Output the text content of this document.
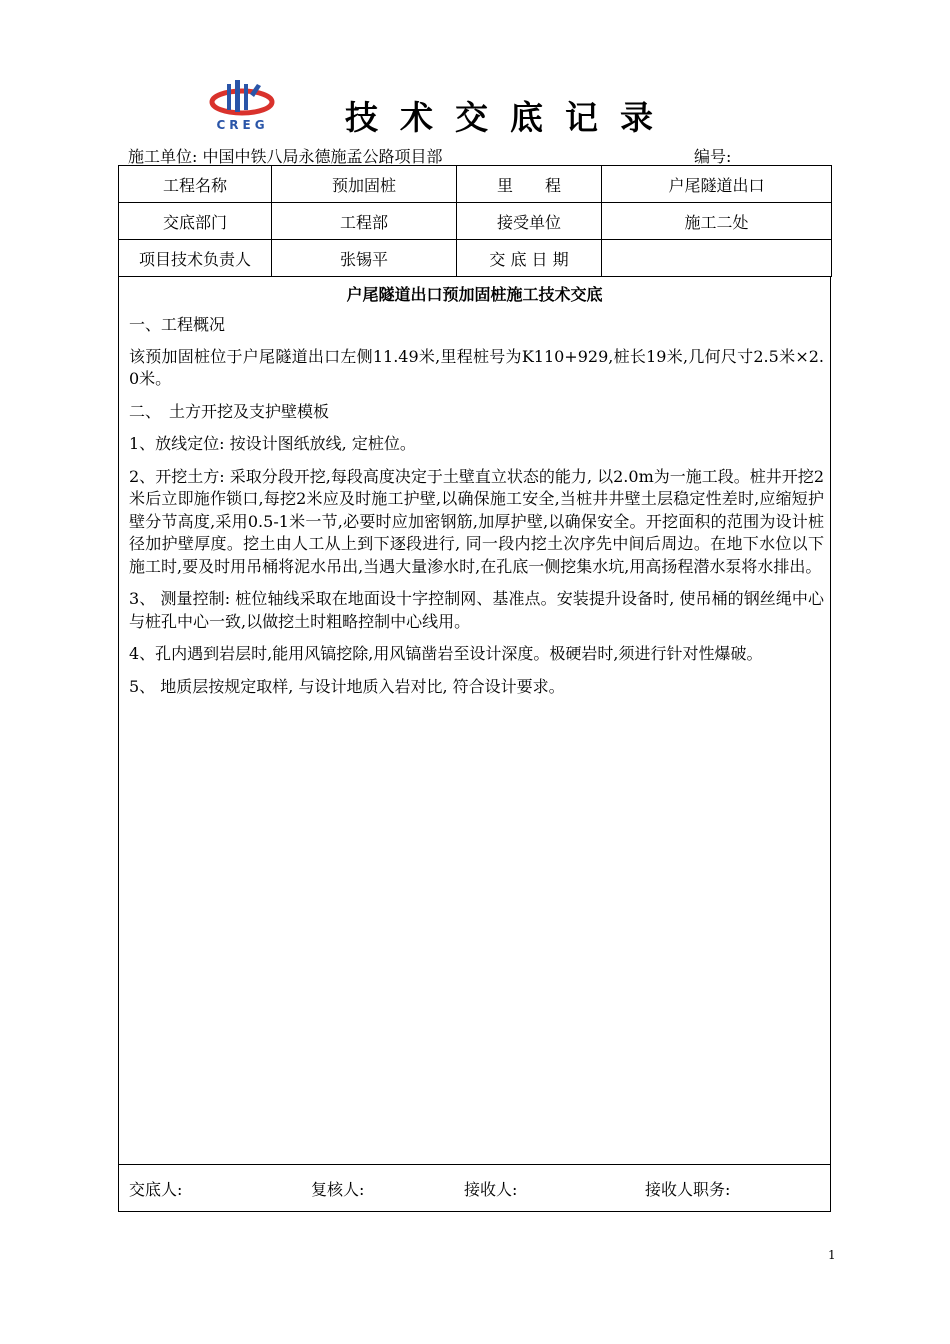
CREG	技术交底记录
施工单位: 中国中铁八局永德施孟公路项目部	编号:
工程名称	预加固桩	里　　程	户尾隧道出口
交底部门	工程部	接受单位	施工二处
项目技术负责人	张锡平	交 底 日 期	
户尾隧道出口预加固桩施工技术交底

一、工程概况

该预加固桩位于户尾隧道出口左侧11.49米,里程桩号为K110+929,桩长19米,几何尺寸2.5米×2.0米。

二、　土方开挖及支护壁模板

1、放线定位: 按设计图纸放线, 定桩位。

2、开挖土方: 采取分段开挖,每段高度决定于土壁直立状态的能力, 以2.0m为一施工段。桩井开挖2米后立即施作锁口,每挖2米应及时施工护壁,以确保施工安全,当桩井井壁土层稳定性差时,应缩短护壁分节高度,采用0.5-1米一节,必要时应加密钢筋,加厚护壁,以确保安全。开挖面积的范围为设计桩径加护壁厚度。挖土由人工从上到下逐段进行, 同一段内挖土次序先中间后周边。在地下水位以下施工时,要及时用吊桶将泥水吊出,当遇大量渗水时,在孔底一侧挖集水坑,用高扬程潜水泵将水排出。

3、 测量控制: 桩位轴线采取在地面设十字控制网、基准点。安装提升设备时, 使吊桶的钢丝绳中心与桩孔中心一致,以做挖土时粗略控制中心线用。

4、孔内遇到岩层时,能用风镐挖除,用风镐凿岩至设计深度。极硬岩时,须进行针对性爆破。

5、 地质层按规定取样, 与设计地质入岩对比, 符合设计要求。

交底人:	复核人:	接收人:	接收人职务:
1
